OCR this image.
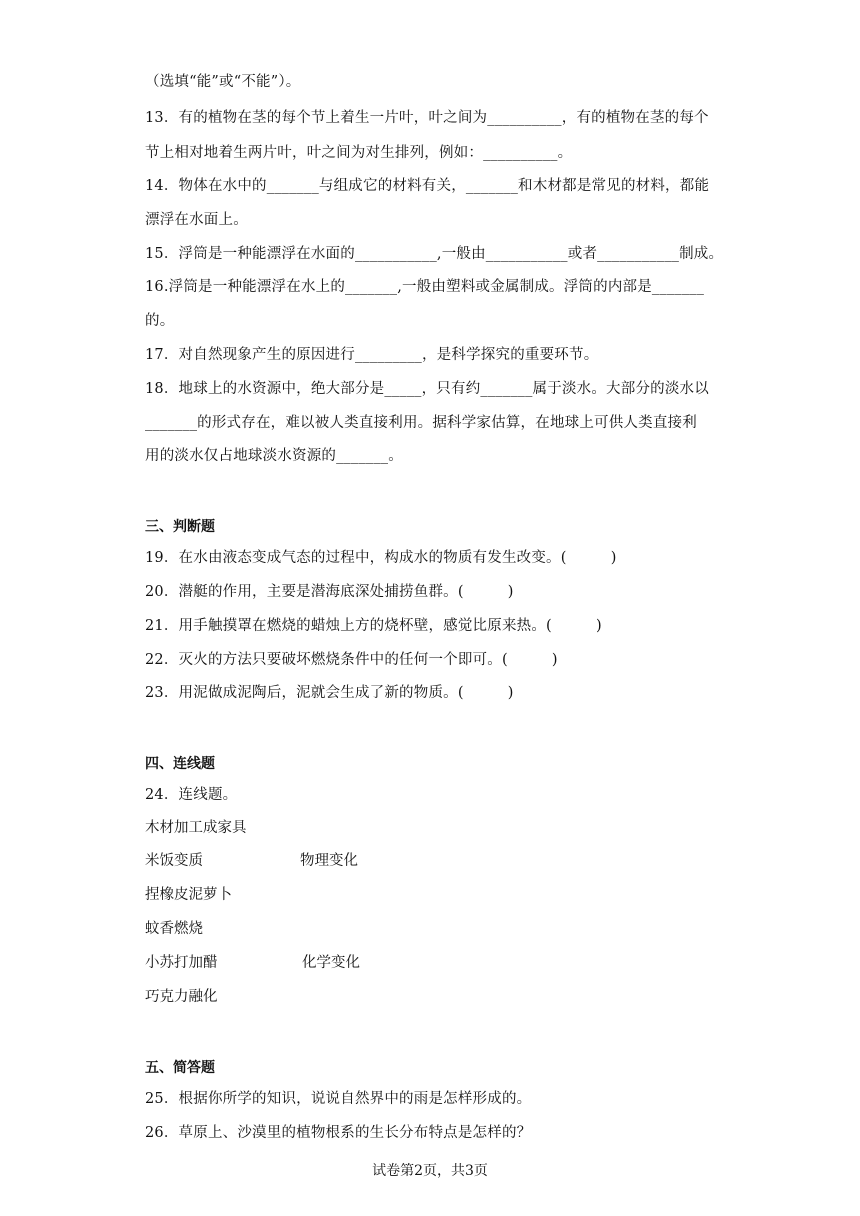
（选填“能”或“不能”）。
13．有的植物在茎的每个节上着生一片叶，叶之间为__________，有的植物在茎的每个
节上相对地着生两片叶，叶之间为对生排列，例如：__________。
14．物体在水中的_______与组成它的材料有关，_______和木材都是常见的材料，都能
漂浮在水面上。
15．浮筒是一种能漂浮在水面的___________,一般由___________或者___________制成。
16.浮筒是一种能漂浮在水上的_______,一般由塑料或金属制成。浮筒的内部是_______
的。
17．对自然现象产生的原因进行_________，是科学探究的重要环节。
18．地球上的水资源中，绝大部分是_____，只有约_______属于淡水。大部分的淡水以
_______的形式存在，难以被人类直接利用。据科学家估算，在地球上可供人类直接利
用的淡水仅占地球淡水资源的_______。
三、判断题
19．在水由液态变成气态的过程中，构成水的物质有发生改变。(　　　)
20．潜艇的作用，主要是潜海底深处捕捞鱼群。(　　　)
21．用手触摸罩在燃烧的蜡烛上方的烧杯壁，感觉比原来热。(　　　)
22．灭火的方法只要破坏燃烧条件中的任何一个即可。(　　　)
23．用泥做成泥陶后，泥就会生成了新的物质。(　　　)
四、连线题
24．连线题。
木材加工成家具
米饭变质	物理变化
捏橡皮泥萝卜
蚊香燃烧
小苏打加醋	化学变化
巧克力融化
五、简答题
25．根据你所学的知识，说说自然界中的雨是怎样形成的。
26．草原上、沙漠里的植物根系的生长分布特点是怎样的？
试卷第2页，共3页
